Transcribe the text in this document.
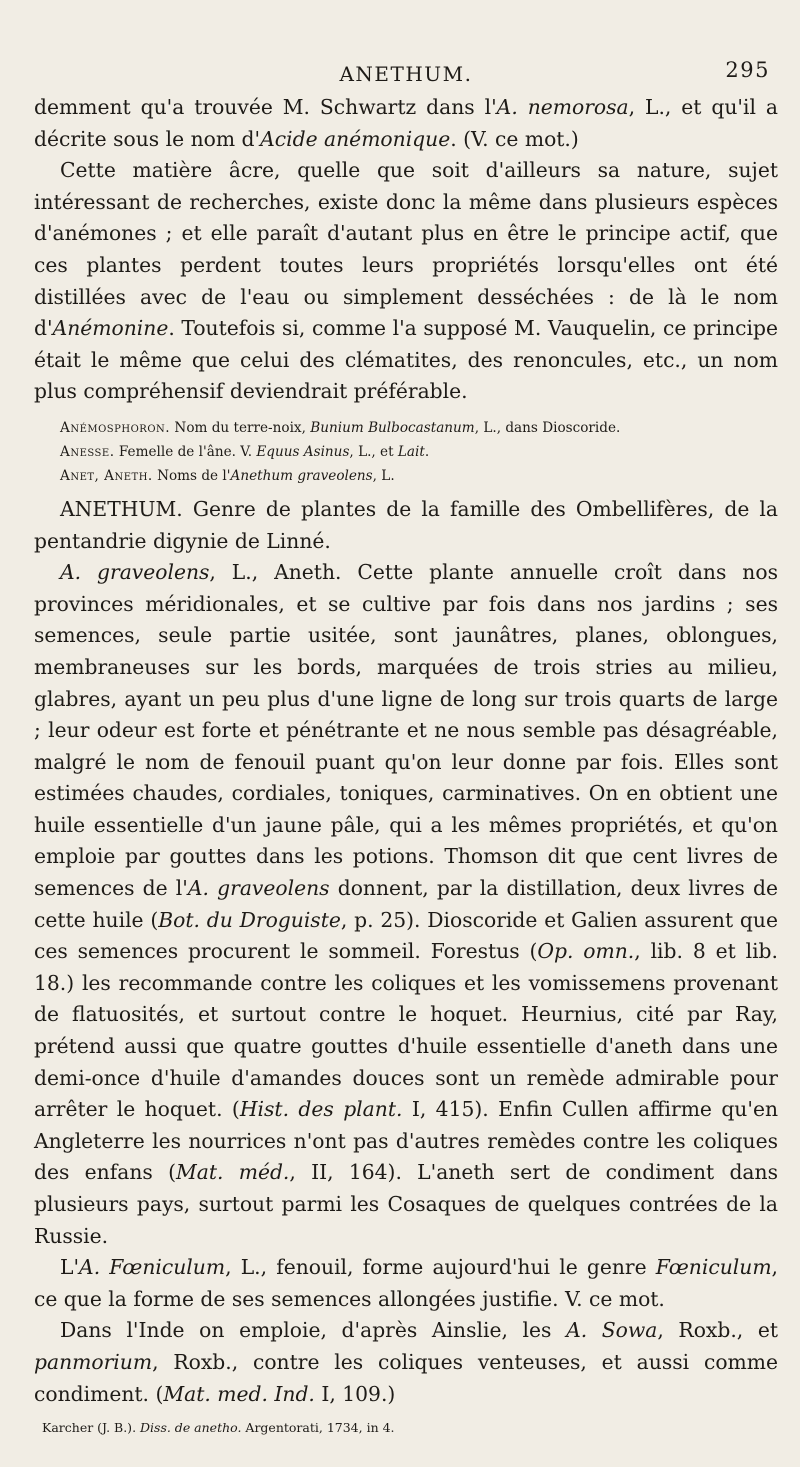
ANETHUM.	295

demment qu'a trouvée M. Schwartz dans l'A. nemorosa, L., et qu'il a décrite sous le nom d'Acide anémonique. (V. ce mot.)

Cette matière âcre, quelle que soit d'ailleurs sa nature, sujet intéressant de recherches, existe donc la même dans plusieurs espèces d'anémones ; et elle paraît d'autant plus en être le principe actif, que ces plantes perdent toutes leurs propriétés lorsqu'elles ont été distillées avec de l'eau ou simplement desséchées : de là le nom d'Anémonine. Toutefois si, comme l'a supposé M. Vauquelin, ce principe était le même que celui des clématites, des renoncules, etc., un nom plus compréhensif deviendrait préférable.

Anémosphoron. Nom du terre-noix, Bunium Bulbocastanum, L., dans Dioscoride.
Anesse. Femelle de l'âne. V. Equus Asinus, L., et Lait.
Anet, Aneth. Noms de l'Anethum graveolens, L.

ANETHUM. Genre de plantes de la famille des Ombellifères, de la pentandrie digynie de Linné.

A. graveolens, L., Aneth. Cette plante annuelle croît dans nos provinces méridionales, et se cultive par fois dans nos jardins ; ses semences, seule partie usitée, sont jaunâtres, planes, oblongues, membraneuses sur les bords, marquées de trois stries au milieu, glabres, ayant un peu plus d'une ligne de long sur trois quarts de large ; leur odeur est forte et pénétrante et ne nous semble pas désagréable, malgré le nom de fenouil puant qu'on leur donne par fois. Elles sont estimées chaudes, cordiales, toniques, carminatives. On en obtient une huile essentielle d'un jaune pâle, qui a les mêmes propriétés, et qu'on emploie par gouttes dans les potions. Thomson dit que cent livres de semences de l'A. graveolens donnent, par la distillation, deux livres de cette huile (Bot. du Droguiste, p. 25). Dioscoride et Galien assurent que ces semences procurent le sommeil. Forestus (Op. omn., lib. 8 et lib. 18.) les recommande contre les coliques et les vomissemens provenant de flatuosités, et surtout contre le hoquet. Heurnius, cité par Ray, prétend aussi que quatre gouttes d'huile essentielle d'aneth dans une demi-once d'huile d'amandes douces sont un remède admirable pour arrêter le hoquet. (Hist. des plant. I, 415). Enfin Cullen affirme qu'en Angleterre les nourrices n'ont pas d'autres remèdes contre les coliques des enfans (Mat. méd., II, 164). L'aneth sert de condiment dans plusieurs pays, surtout parmi les Cosaques de quelques contrées de la Russie.

L'A. Fœniculum, L., fenouil, forme aujourd'hui le genre Fœniculum, ce que la forme de ses semences allongées justifie. V. ce mot.

Dans l'Inde on emploie, d'après Ainslie, les A. Sowa, Roxb., et panmorium, Roxb., contre les coliques venteuses, et aussi comme condiment. (Mat. med. Ind. I, 109.)

Karcher (J. B.). Diss. de anetho. Argentorati, 1734, in 4.
